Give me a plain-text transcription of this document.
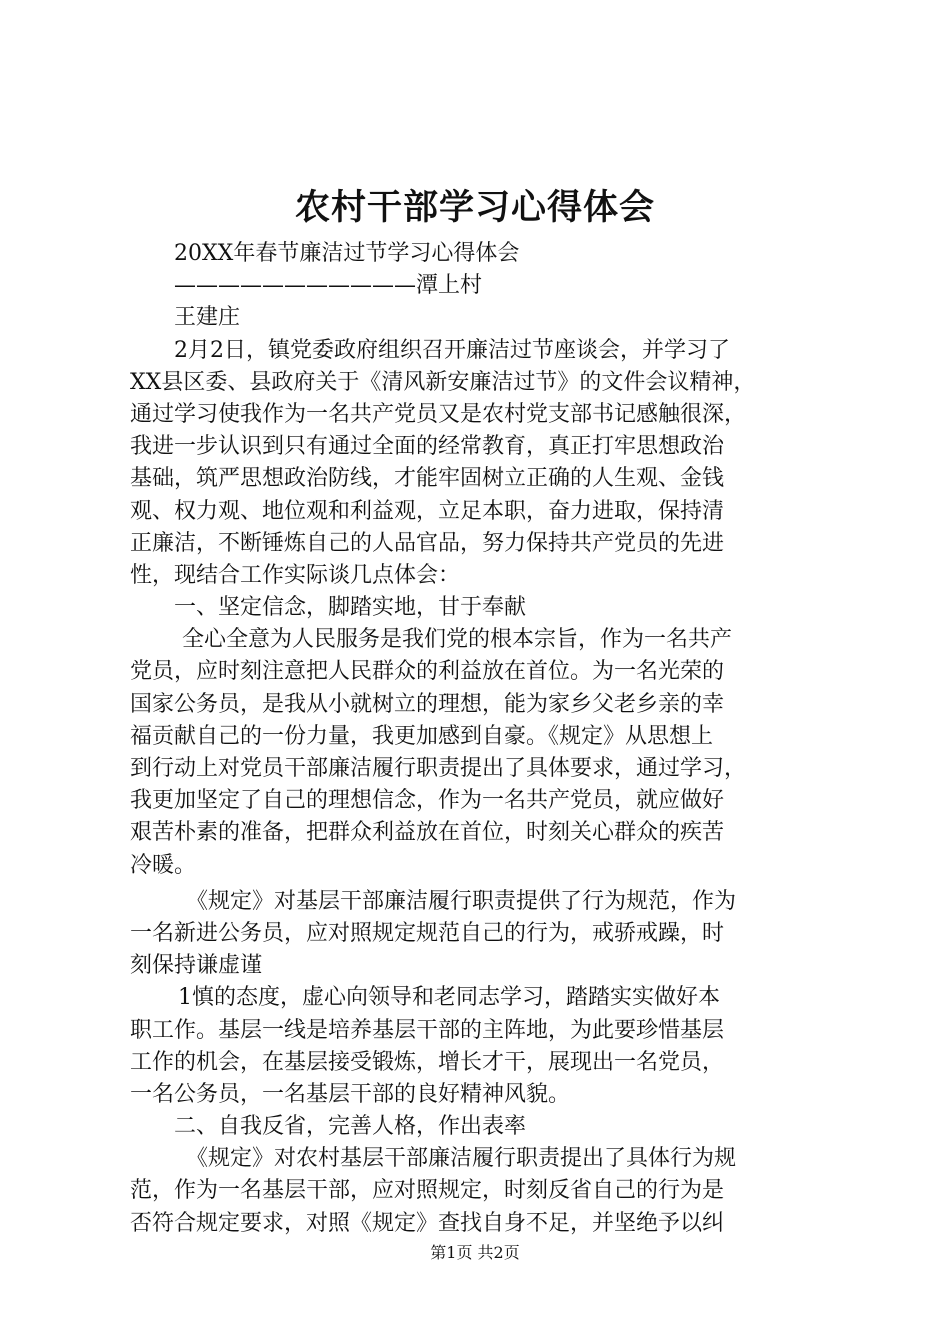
农村干部学习心得体会
20XX年春节廉洁过节学习心得体会
———————————潭上村
王建庄
2月2日，镇党委政府组织召开廉洁过节座谈会，并学习了
XX县区委、县政府关于《清风新安廉洁过节》的文件会议精神，
通过学习使我作为一名共产党员又是农村党支部书记感触很深，
我进一步认识到只有通过全面的经常教育，真正打牢思想政治
基础，筑严思想政治防线，才能牢固树立正确的人生观、金钱
观、权力观、地位观和利益观，立足本职，奋力进取，保持清
正廉洁，不断锤炼自己的人品官品，努力保持共产党员的先进
性，现结合工作实际谈几点体会：
一、坚定信念，脚踏实地，甘于奉献
全心全意为人民服务是我们党的根本宗旨，作为一名共产
党员，应时刻注意把人民群众的利益放在首位。为一名光荣的
国家公务员，是我从小就树立的理想，能为家乡父老乡亲的幸
福贡献自己的一份力量，我更加感到自豪。《规定》从思想上
到行动上对党员干部廉洁履行职责提出了具体要求，通过学习，
我更加坚定了自己的理想信念，作为一名共产党员，就应做好
艰苦朴素的准备，把群众利益放在首位，时刻关心群众的疾苦
冷暖。
《规定》对基层干部廉洁履行职责提供了行为规范，作为
一名新进公务员，应对照规定规范自己的行为，戒骄戒躁，时
刻保持谦虚谨
1慎的态度，虚心向领导和老同志学习，踏踏实实做好本
职工作。基层一线是培养基层干部的主阵地，为此要珍惜基层
工作的机会，在基层接受锻炼，增长才干，展现出一名党员，
一名公务员，一名基层干部的良好精神风貌。
二、自我反省，完善人格，作出表率
《规定》对农村基层干部廉洁履行职责提出了具体行为规
范，作为一名基层干部，应对照规定，时刻反省自己的行为是
否符合规定要求，对照《规定》查找自身不足，并坚绝予以纠
第1页 共2页
